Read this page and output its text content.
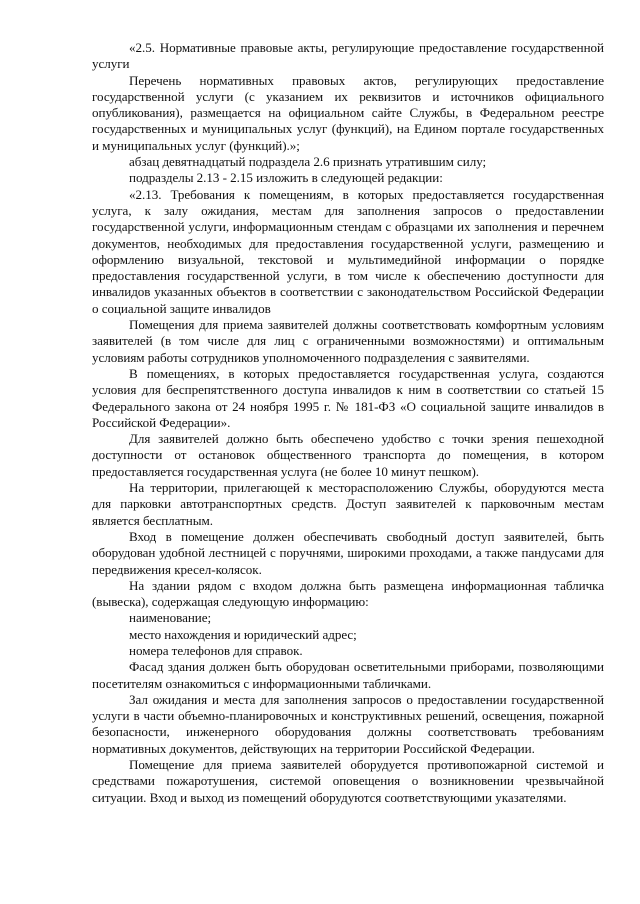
«2.5. Нормативные правовые акты, регулирующие предоставление государственной услуги

Перечень нормативных правовых актов, регулирующих предоставление государственной услуги (с указанием их реквизитов и источников официального опубликования), размещается на официальном сайте Службы, в Федеральном реестре государственных и муниципальных услуг (функций), на Едином портале государственных и муниципальных услуг (функций).»;

абзац девятнадцатый подраздела 2.6 признать утратившим силу;

подразделы 2.13 - 2.15 изложить в следующей редакции:

«2.13. Требования к помещениям, в которых предоставляется государственная услуга, к залу ожидания, местам для заполнения запросов о предоставлении государственной услуги, информационным стендам с образцами их заполнения и перечнем документов, необходимых для предоставления государственной услуги, размещению и оформлению визуальной, текстовой и мультимедийной информации о порядке предоставления государственной услуги, в том числе к обеспечению доступности для инвалидов указанных объектов в соответствии с законодательством Российской Федерации о социальной защите инвалидов

Помещения для приема заявителей должны соответствовать комфортным условиям заявителей (в том числе для лиц с ограниченными возможностями) и оптимальным условиям работы сотрудников уполномоченного подразделения с заявителями.

В помещениях, в которых предоставляется государственная услуга, создаются условия для беспрепятственного доступа инвалидов к ним в соответствии со статьей 15 Федерального закона от 24 ноября 1995 г. № 181-ФЗ «О социальной защите инвалидов в Российской Федерации».

Для заявителей должно быть обеспечено удобство с точки зрения пешеходной доступности от остановок общественного транспорта до помещения, в котором предоставляется государственная услуга (не более 10 минут пешком).

На территории, прилегающей к месторасположению Службы, оборудуются места для парковки автотранспортных средств. Доступ заявителей к парковочным местам является бесплатным.

Вход в помещение должен обеспечивать свободный доступ заявителей, быть оборудован удобной лестницей с поручнями, широкими проходами, а также пандусами для передвижения кресел-колясок.

На здании рядом с входом должна быть размещена информационная табличка (вывеска), содержащая следующую информацию:

наименование;

место нахождения и юридический адрес;

номера телефонов для справок.

Фасад здания должен быть оборудован осветительными приборами, позволяющими посетителям ознакомиться с информационными табличками.

Зал ожидания и места для заполнения запросов о предоставлении государственной услуги в части объемно-планировочных и конструктивных решений, освещения, пожарной безопасности, инженерного оборудования должны соответствовать требованиям нормативных документов, действующих на территории Российской Федерации.

Помещение для приема заявителей оборудуется противопожарной системой и средствами пожаротушения, системой оповещения о возникновении чрезвычайной ситуации. Вход и выход из помещений оборудуются соответствующими указателями.
